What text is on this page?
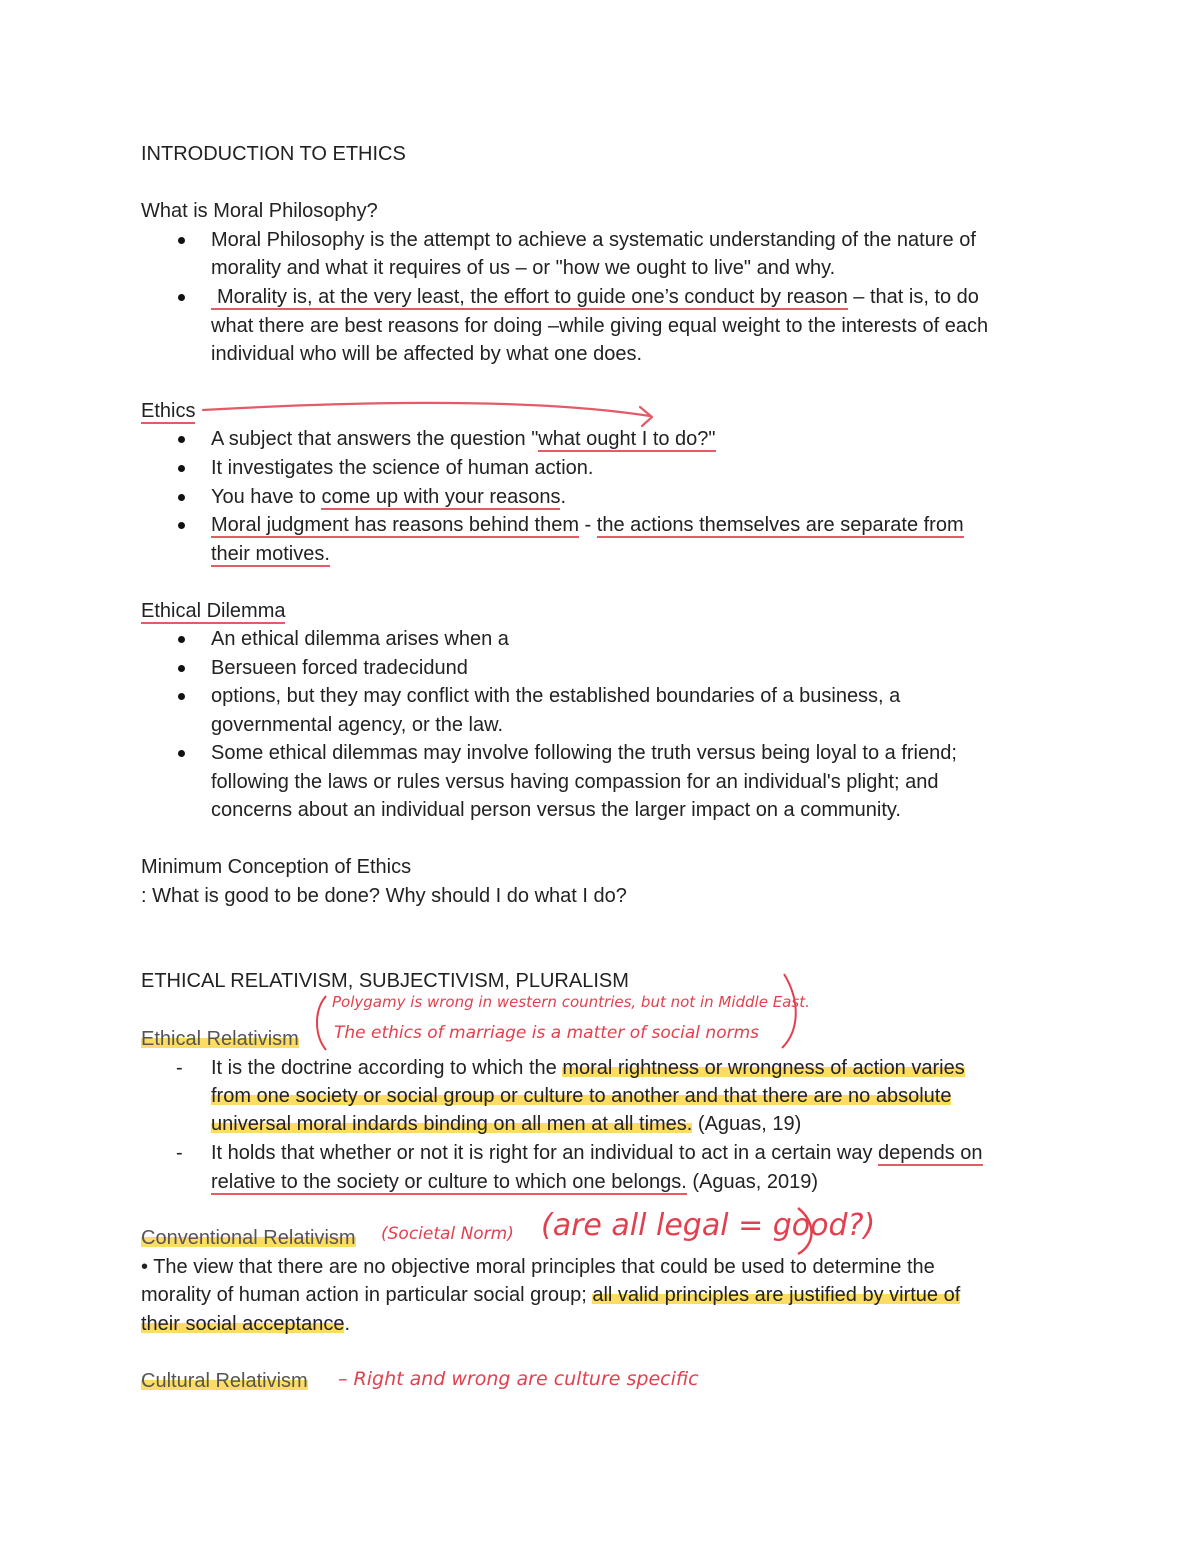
INTRODUCTION TO ETHICS
What is Moral Philosophy?
Moral Philosophy is the attempt to achieve a systematic understanding of the nature of
morality and what it requires of us – or "how we ought to live" and why.
Morality is, at the very least, the effort to guide one’s conduct by reason – that is, to do
what there are best reasons for doing –while giving equal weight to the interests of each
individual who will be affected by what one does.
Ethics
A subject that answers the question "what ought I to do?"
It investigates the science of human action.
You have to come up with your reasons.
Moral judgment has reasons behind them - the actions themselves are separate from
their motives.
Ethical Dilemma
An ethical dilemma arises when a
Bersueen forced tradecidund
options, but they may conflict with the established boundaries of a business, a
governmental agency, or the law.
Some ethical dilemmas may involve following the truth versus being loyal to a friend;
following the laws or rules versus having compassion for an individual's plight; and
concerns about an individual person versus the larger impact on a community.
Minimum Conception of Ethics
: What is good to be done? Why should I do what I do?
ETHICAL RELATIVISM, SUBJECTIVISM, PLURALISM
Ethical Relativism
Polygamy is wrong in western countries, but not in Middle East.
The ethics of marriage is a matter of social norms
- It is the doctrine according to which the moral rightness or wrongness of action varies
from one society or social group or culture to another and that there are no absolute
universal moral indards binding on all men at all times. (Aguas, 19)
- It holds that whether or not it is right for an individual to act in a certain way depends on
relative to the society or culture to which one belongs. (Aguas, 2019)
Conventional Relativism (Societal Norm) (are all legal = good?)
• The view that there are no objective moral principles that could be used to determine the
morality of human action in particular social group; all valid principles are justified by virtue of
their social acceptance.
Cultural Relativism – Right and wrong are culture specific
